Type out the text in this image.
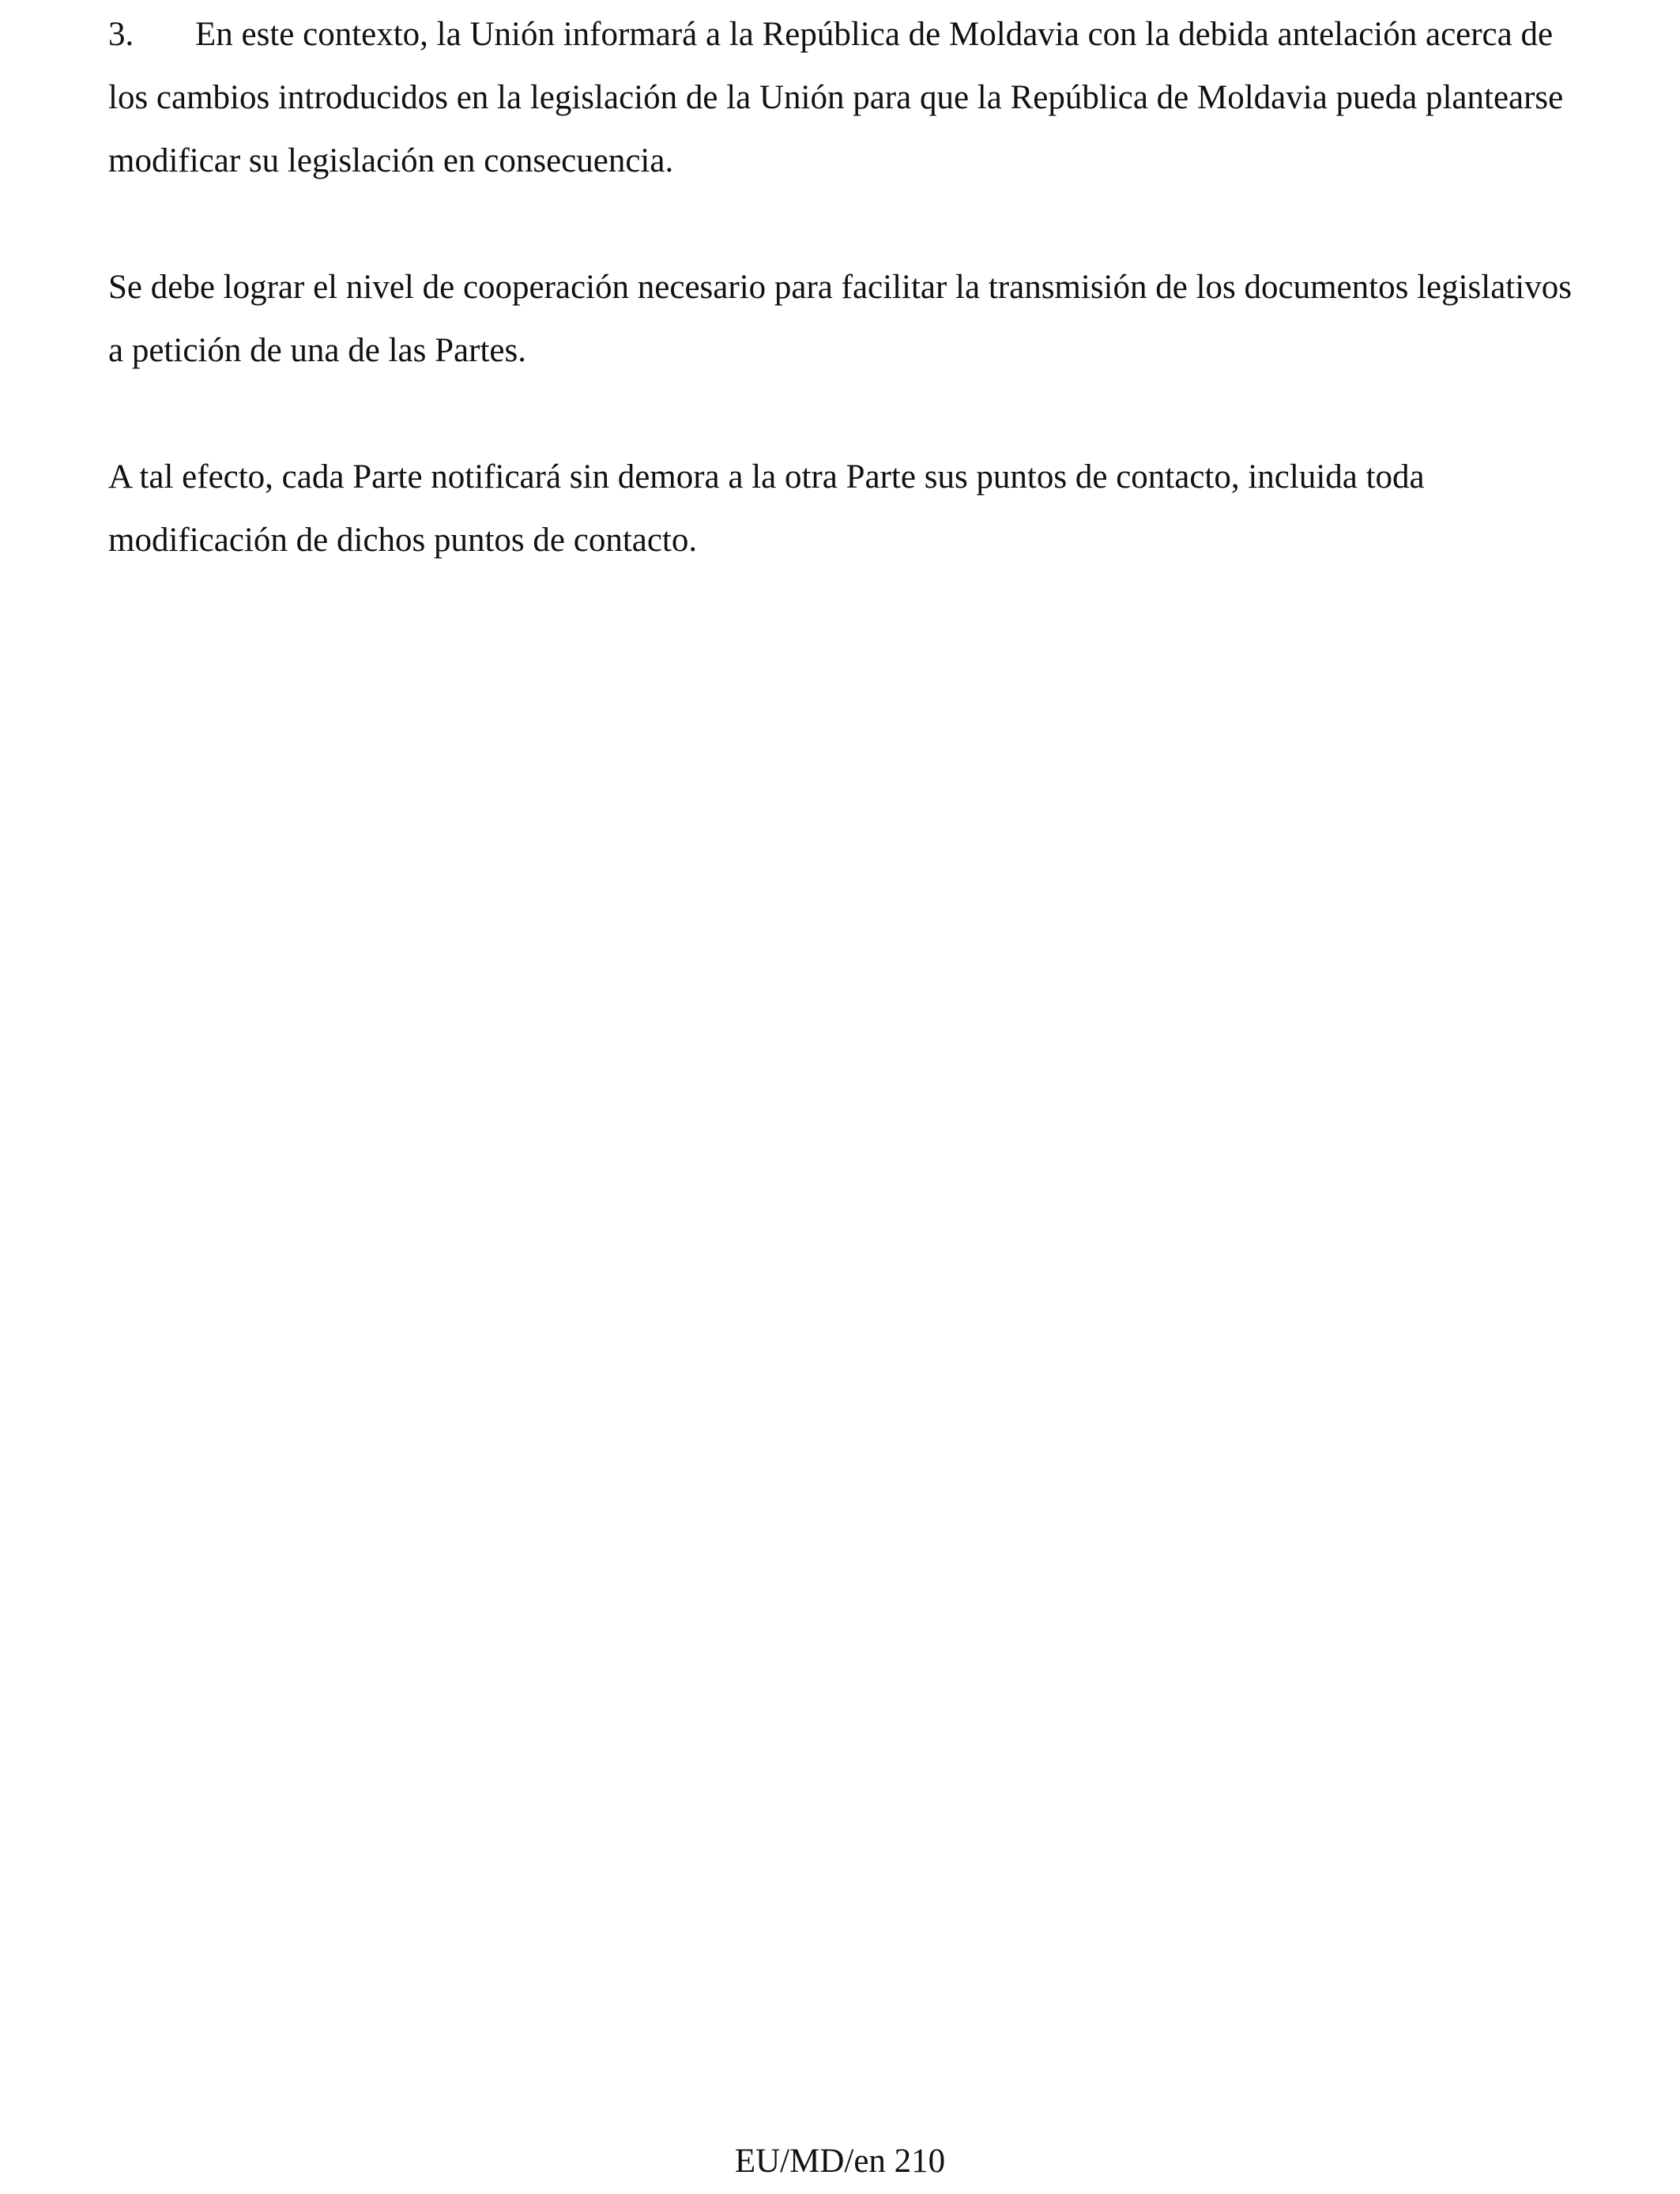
3. En este contexto, la Unión informará a la República de Moldavia con la debida antelación acerca de los cambios introducidos en la legislación de la Unión para que la República de Moldavia pueda plantearse modificar su legislación en consecuencia.

Se debe lograr el nivel de cooperación necesario para facilitar la transmisión de los documentos legislativos a petición de una de las Partes.

A tal efecto, cada Parte notificará sin demora a la otra Parte sus puntos de contacto, incluida toda modificación de dichos puntos de contacto.

EU/MD/en 210
